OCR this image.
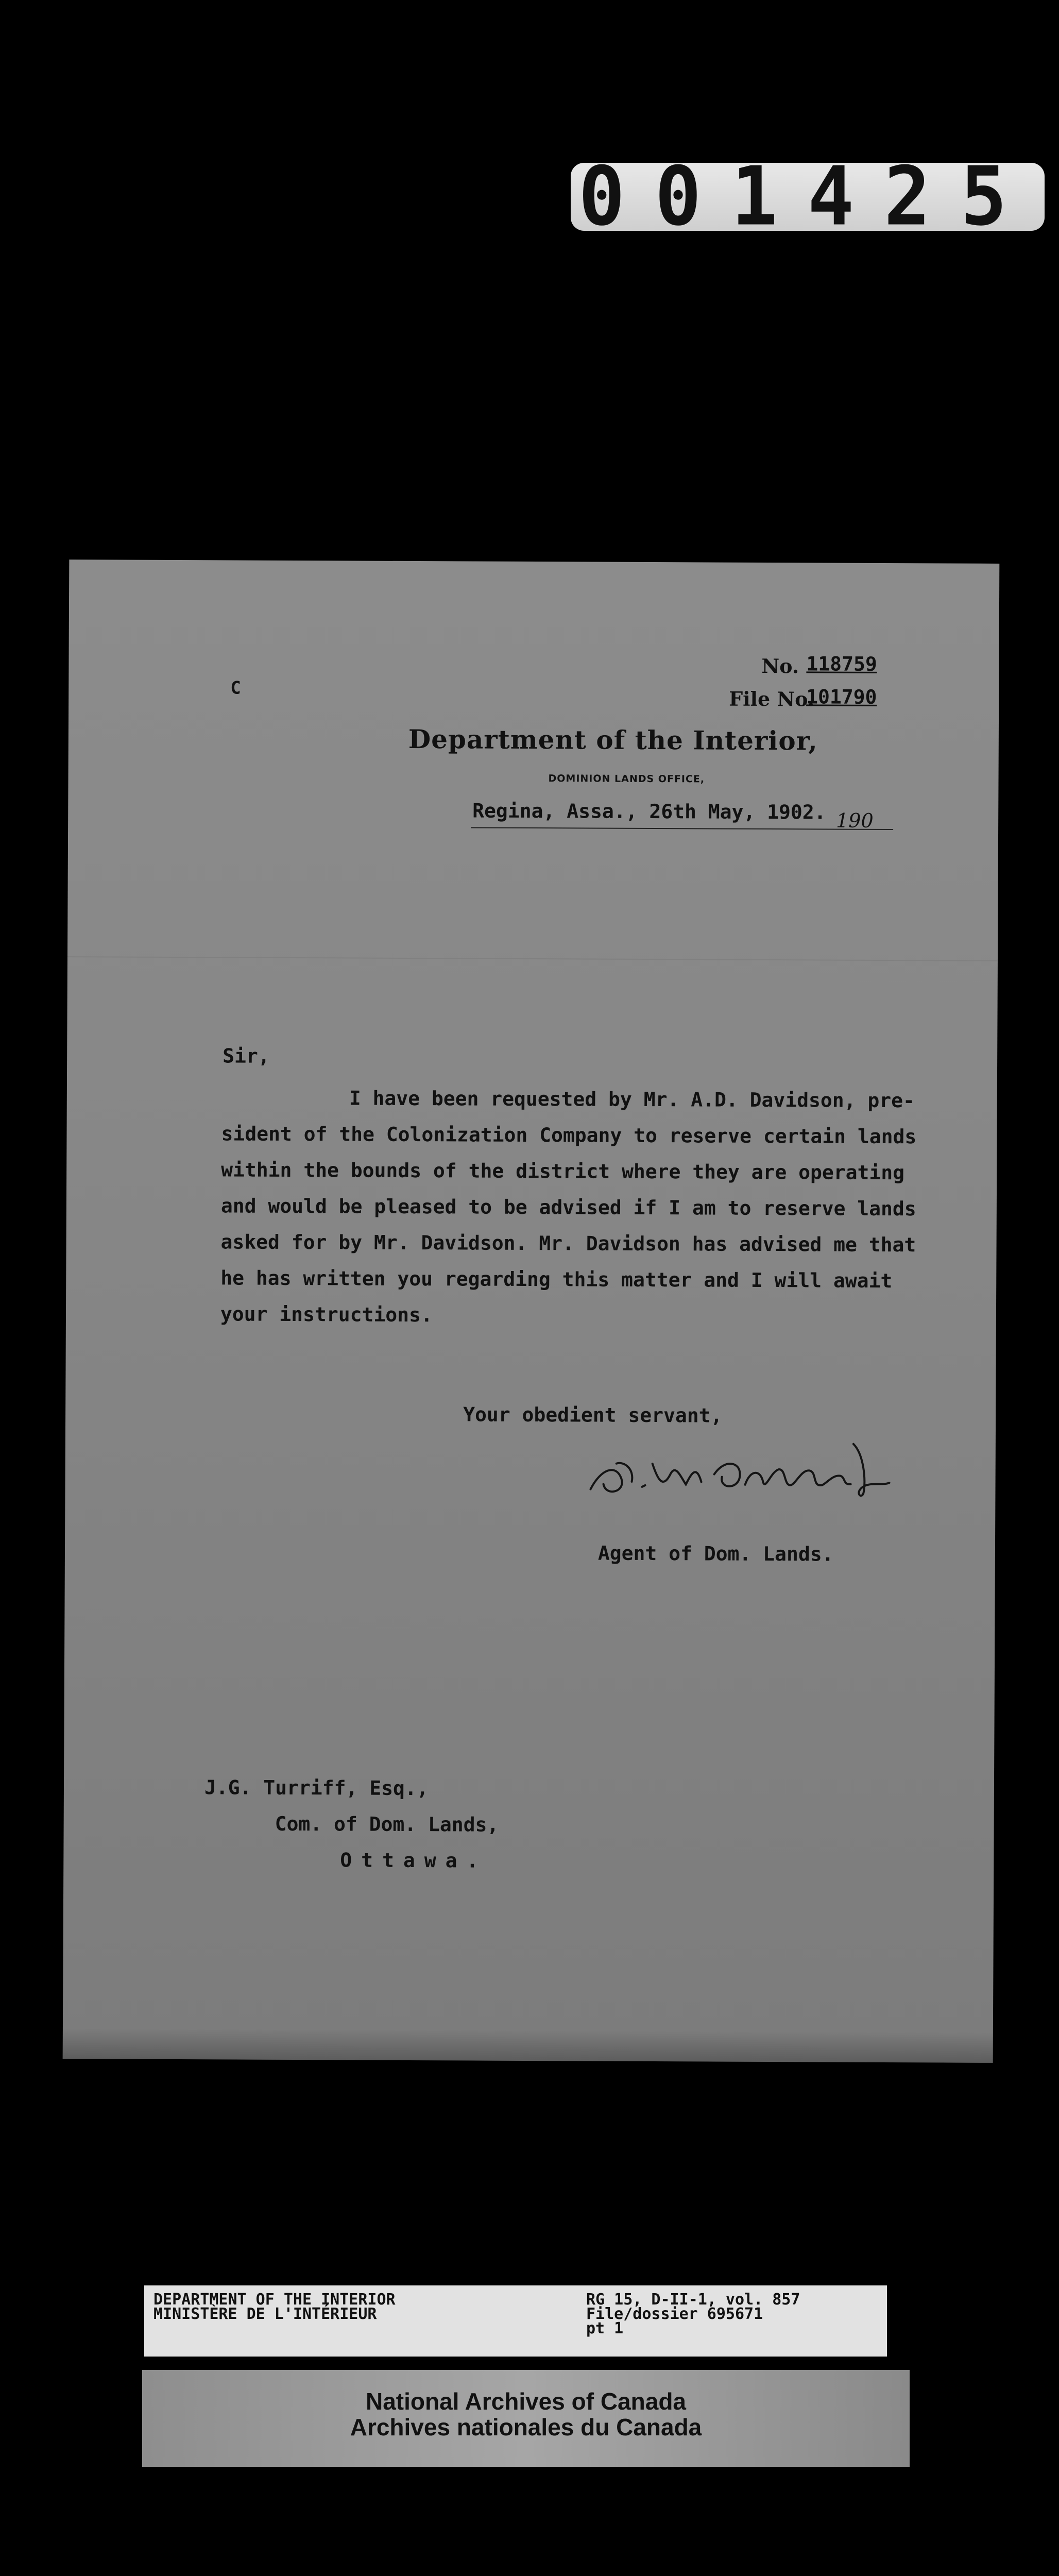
001425
C
No. 118759
File No.
101790
Department of the Interior,
DOMINION LANDS OFFICE,
Regina, Assa., 26th May, 1902. 190
Sir,
I have been requested by Mr. A.D. Davidson, pre-
sident of the Colonization Company to reserve certain lands
within the bounds of the district where they are operating
and would be pleased to be advised if I am to reserve lands
asked for by Mr. Davidson. Mr. Davidson has advised me that
he has written you regarding this matter and I will await
your instructions.
Your obedient servant,
Agent of Dom. Lands.
J.G. Turriff, Esq.,
Com. of Dom. Lands,
Ottawa.
DEPARTMENT OF THE INTERIOR
MINISTÈRE DE L'INTÉRIEUR
RG 15, D-II-1, vol. 857
File/dossier 695671
pt 1
National Archives of Canada
Archives nationales du Canada
